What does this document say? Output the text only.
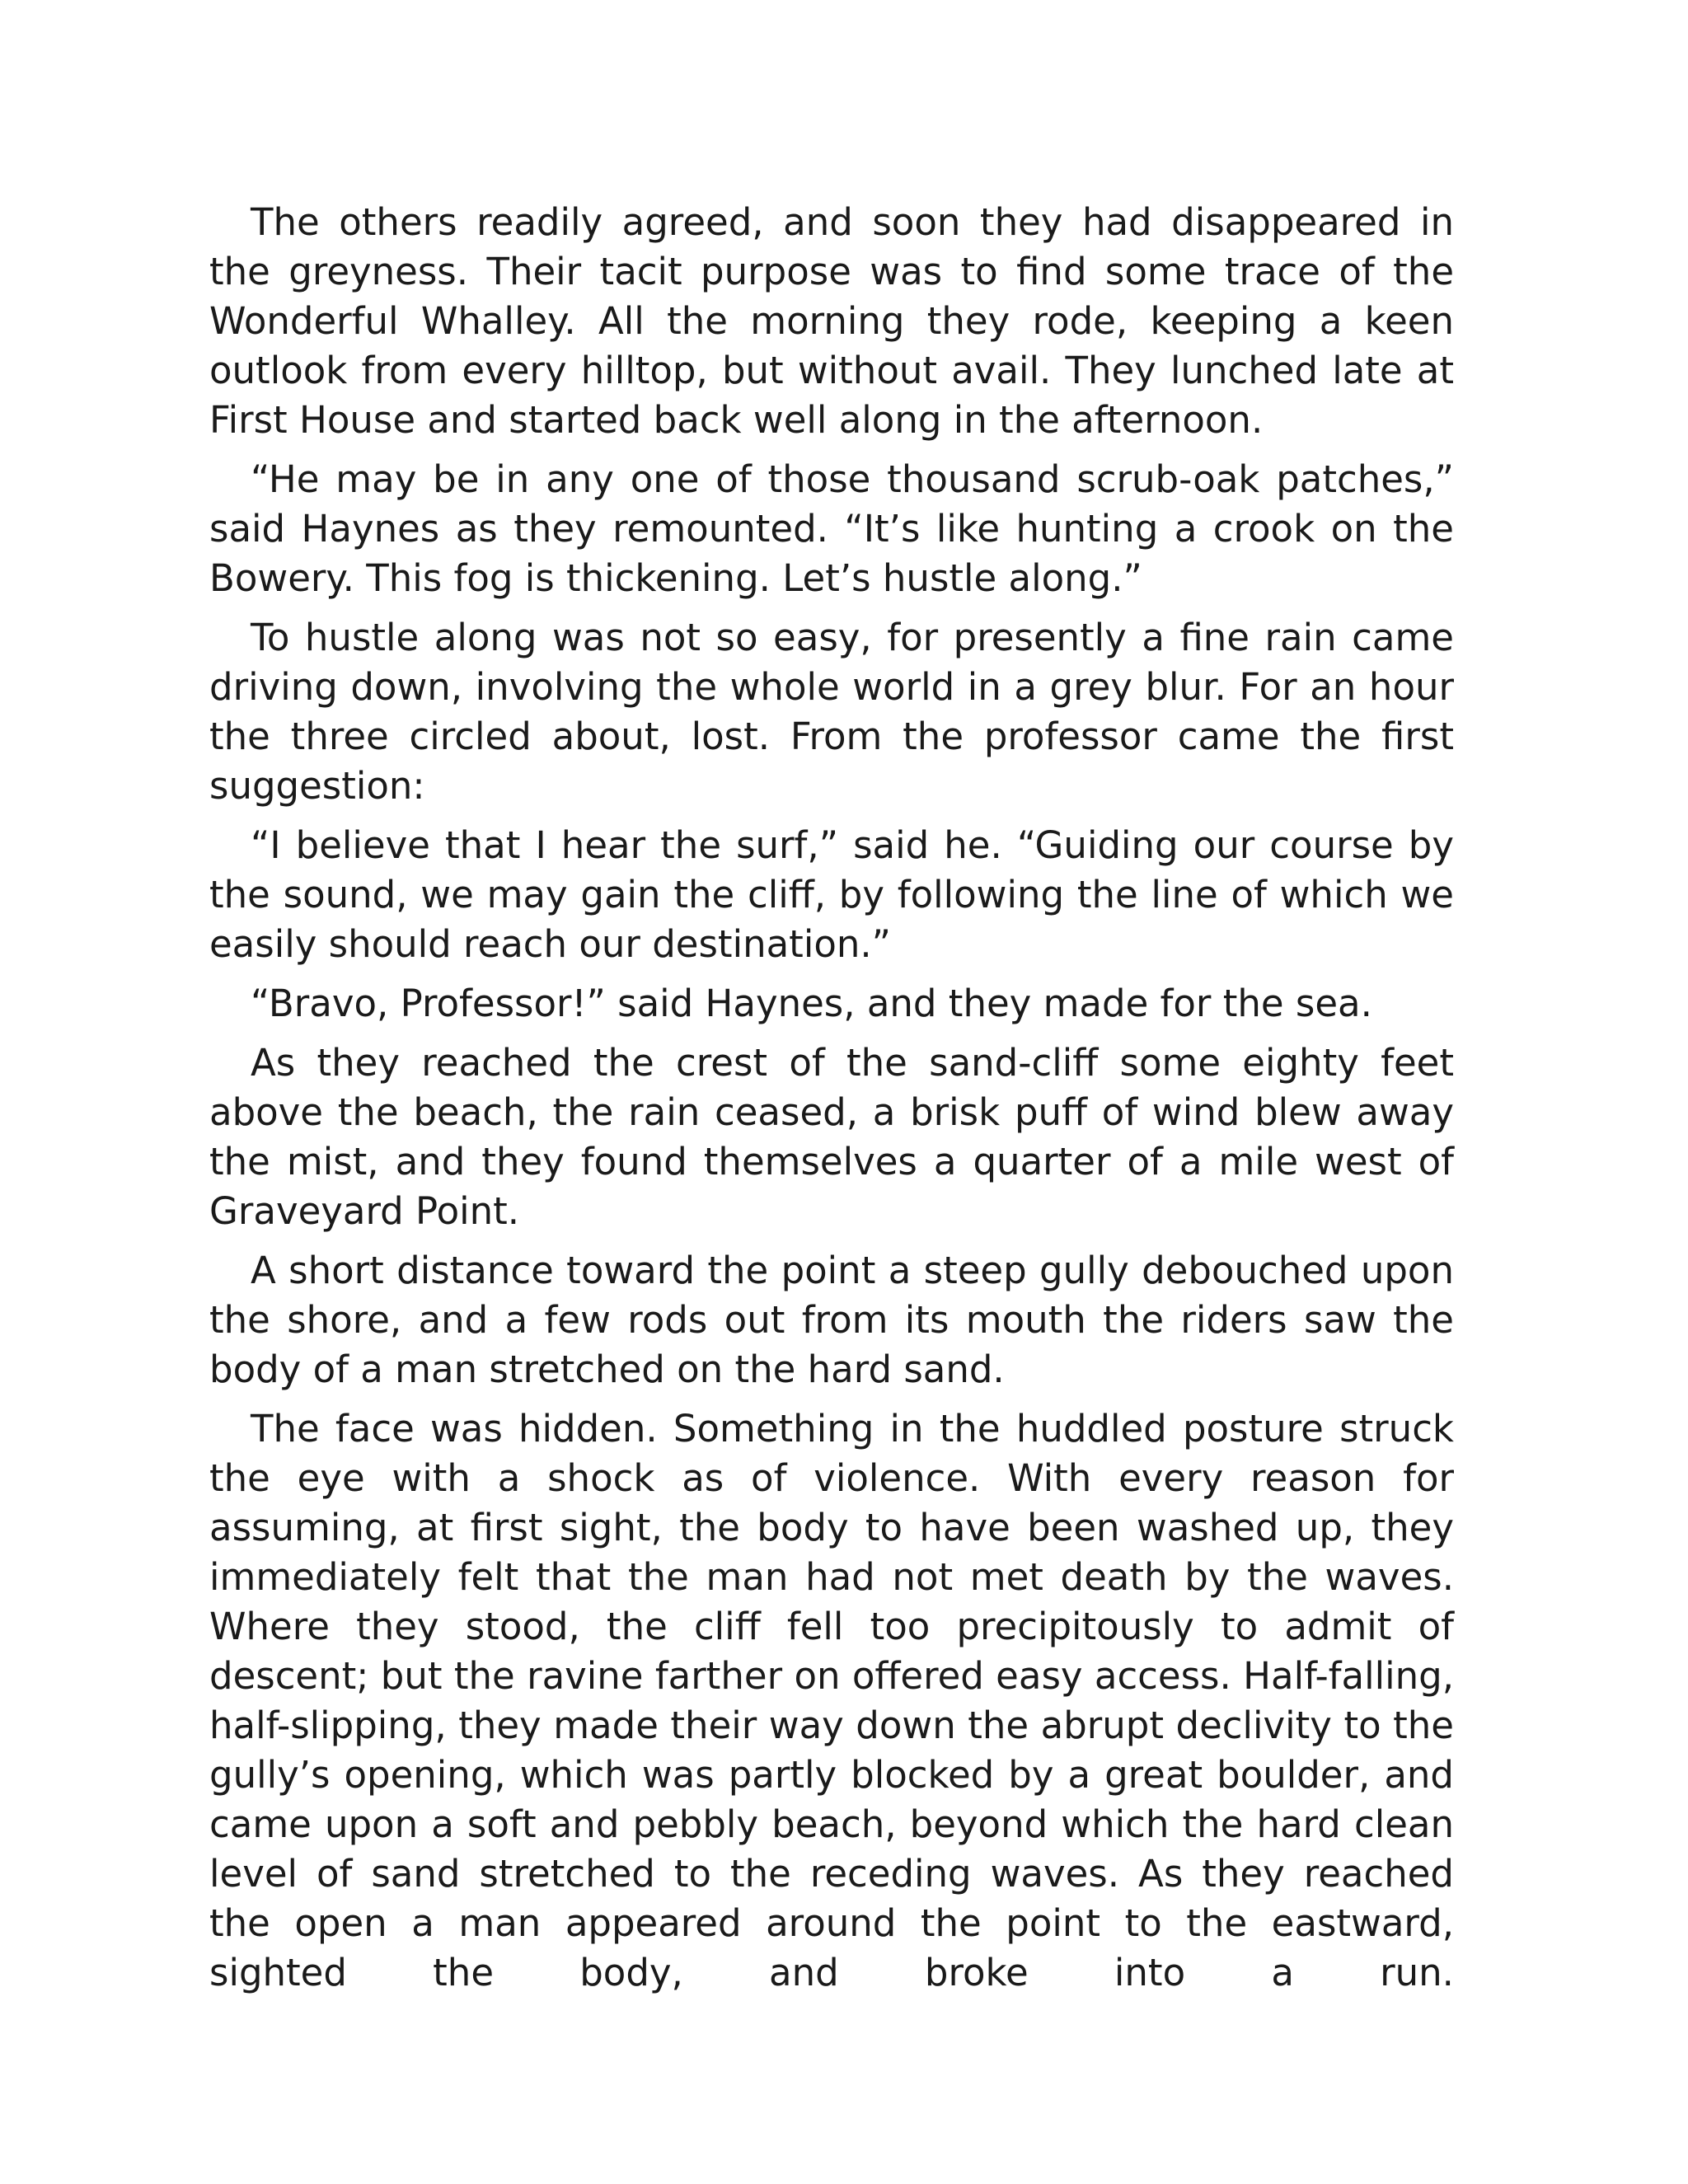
The others readily agreed, and soon they had disappeared in the greyness. Their tacit purpose was to find some trace of the Wonderful Whalley. All the morning they rode, keeping a keen outlook from every hilltop, but without avail. They lunched late at First House and started back well along in the afternoon.

“He may be in any one of those thousand scrub-oak patches,” said Haynes as they remounted. “It’s like hunting a crook on the Bowery. This fog is thickening. Let’s hustle along.”

To hustle along was not so easy, for presently a fine rain came driving down, involving the whole world in a grey blur. For an hour the three circled about, lost. From the professor came the first suggestion:

“I believe that I hear the surf,” said he. “Guiding our course by the sound, we may gain the cliff, by following the line of which we easily should reach our destination.”

“Bravo, Professor!” said Haynes, and they made for the sea.

As they reached the crest of the sand-cliff some eighty feet above the beach, the rain ceased, a brisk puff of wind blew away the mist, and they found themselves a quarter of a mile west of Graveyard Point.

A short distance toward the point a steep gully debouched upon the shore, and a few rods out from its mouth the riders saw the body of a man stretched on the hard sand.

The face was hidden. Something in the huddled posture struck the eye with a shock as of violence. With every reason for assuming, at first sight, the body to have been washed up, they immediately felt that the man had not met death by the waves. Where they stood, the cliff fell too precipitously to admit of descent; but the ravine farther on offered easy access. Half-falling, half-slipping, they made their way down the abrupt declivity to the gully’s opening, which was partly blocked by a great boulder, and came upon a soft and pebbly beach, beyond which the hard clean level of sand stretched to the receding waves. As they reached the open a man appeared around the point to the eastward, sighted the body, and broke into a run.
